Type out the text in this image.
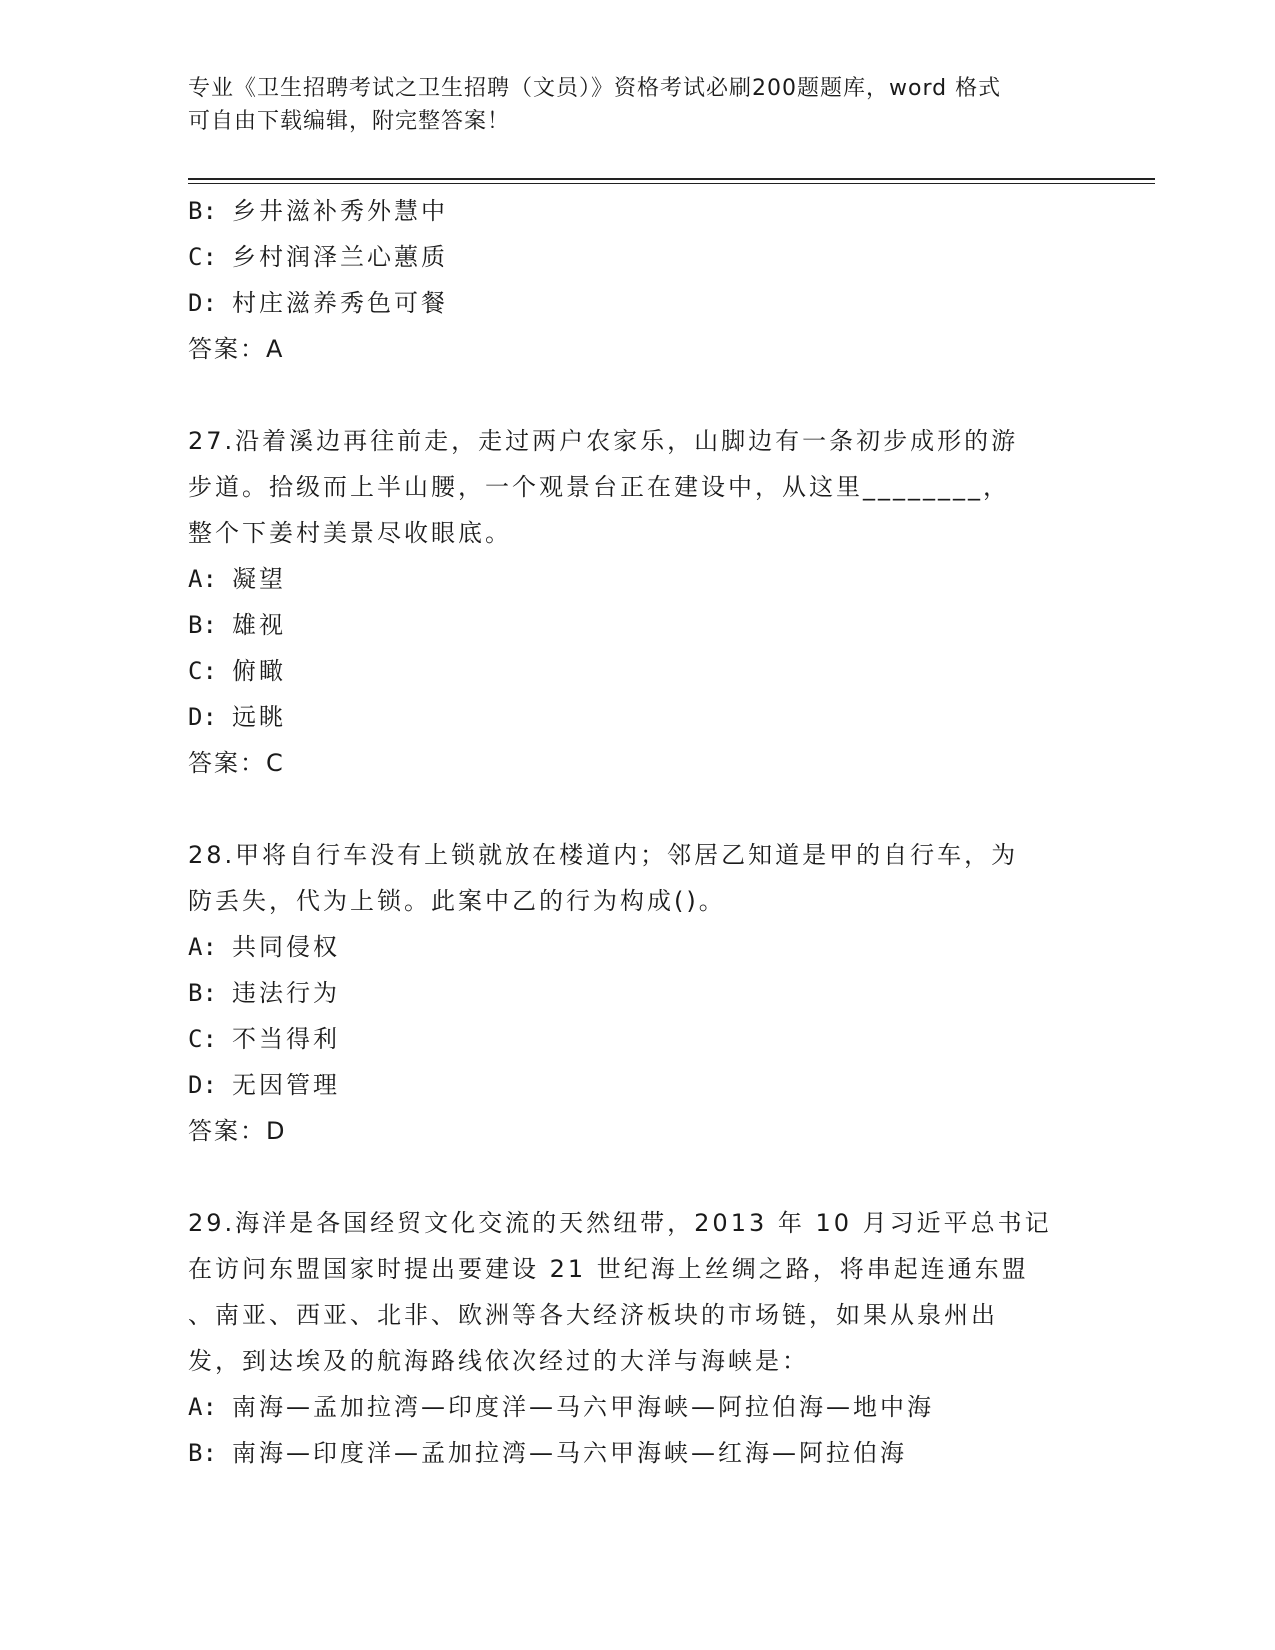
专业《卫生招聘考试之卫生招聘（文员）》资格考试必刷200题题库，word 格式
可自由下载编辑，附完整答案！
B: 乡井滋补秀外慧中
C: 乡村润泽兰心蕙质
D: 村庄滋养秀色可餐
答案：A
27.沿着溪边再往前走，走过两户农家乐，山脚边有一条初步成形的游
步道。拾级而上半山腰，一个观景台正在建设中，从这里________，
整个下姜村美景尽收眼底。
A: 凝望
B: 雄视
C: 俯瞰
D: 远眺
答案：C
28.甲将自行车没有上锁就放在楼道内；邻居乙知道是甲的自行车，为
防丢失，代为上锁。此案中乙的行为构成()。
A: 共同侵权
B: 违法行为
C: 不当得利
D: 无因管理
答案：D
29.海洋是各国经贸文化交流的天然纽带，2013 年 10 月习近平总书记
在访问东盟国家时提出要建设 21 世纪海上丝绸之路，将串起连通东盟
、南亚、西亚、北非、欧洲等各大经济板块的市场链，如果从泉州出
发，到达埃及的航海路线依次经过的大洋与海峡是：
A: 南海—孟加拉湾—印度洋—马六甲海峡—阿拉伯海—地中海
B: 南海—印度洋—孟加拉湾—马六甲海峡—红海—阿拉伯海
